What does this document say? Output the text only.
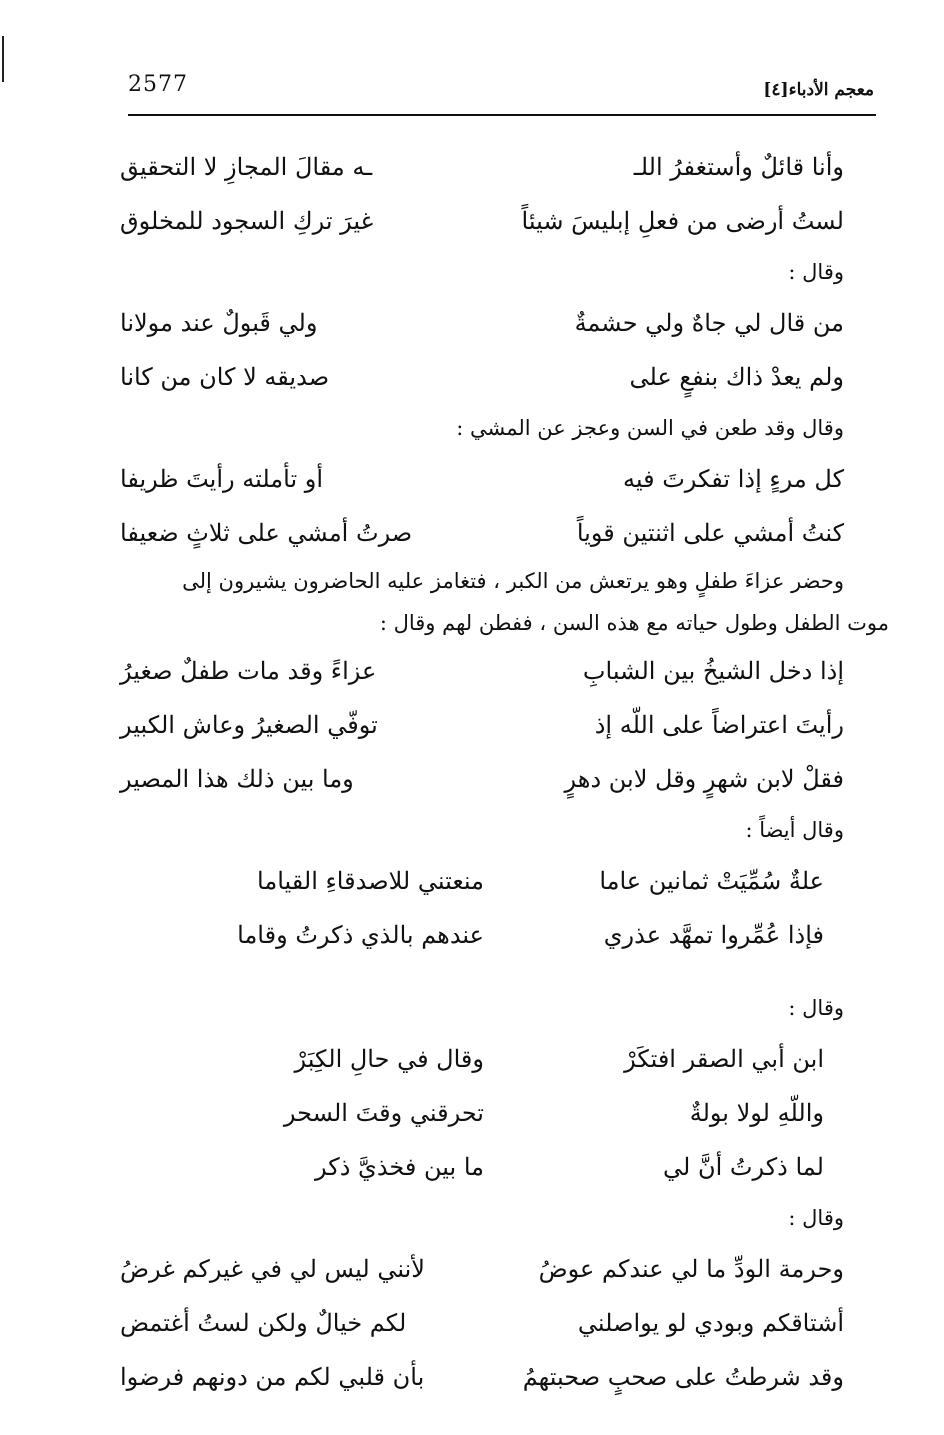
2577	معجم الأدباء[٤]
وأنا قائلٌ وأستغفرُ اللـ
ـه مقالَ المجازِ لا التحقيق
لستُ أرضى من فعلِ إبليسَ شيئاً
غيرَ تركِ السجود للمخلوق
وقال :
من قال لي جاهٌ ولي حشمةٌ
ولي قَبولٌ عند مولانا
ولم يعدْ ذاك بنفعٍ على
صديقه لا كان من كانا
وقال وقد طعن في السن وعجز عن المشي :
كل مرءٍ إذا تفكرتَ فيه
أو تأملته رأيتَ ظريفا
كنتُ أمشي على اثنتين قوياً
صرتُ أمشي على ثلاثٍ ضعيفا
وحضر عزاءَ طفلٍ وهو يرتعش من الكبر ، فتغامز عليه الحاضرون يشيرون إلى
موت الطفل وطول حياته مع هذه السن ، ففطن لهم وقال :
إذا دخل الشيخُ بين الشبابِ
عزاءً وقد مات طفلٌ صغيرُ
رأيتَ اعتراضاً على اللّه إذ
توفّي الصغيرُ وعاش الكبير
فقلْ لابن شهرٍ وقل لابن دهرٍ
وما بين ذلك هذا المصير
وقال أيضاً :
علةٌ سُمِّيَتْ ثمانين عاما
منعتني للاصدقاءِ القياما
فإذا عُمِّروا تمهَّد عذري
عندهم بالذي ذكرتُ وقاما
وقال :
ابن أبي الصقر افتكَرْ
وقال في حالِ الكِبَرْ
واللّهِ لولا بولةٌ
تحرقني وقتَ السحر
لما ذكرتُ أنَّ لي
ما بين فخذيَّ ذكر
وقال :
وحرمة الودِّ ما لي عندكم عوضُ
لأنني ليس لي في غيركم غرضُ
أشتاقكم وبودي لو يواصلني
لكم خيالٌ ولكن لستُ أغتمض
وقد شرطتُ على صحبٍ صحبتهمُ
بأن قلبي لكم من دونهم فرضوا
